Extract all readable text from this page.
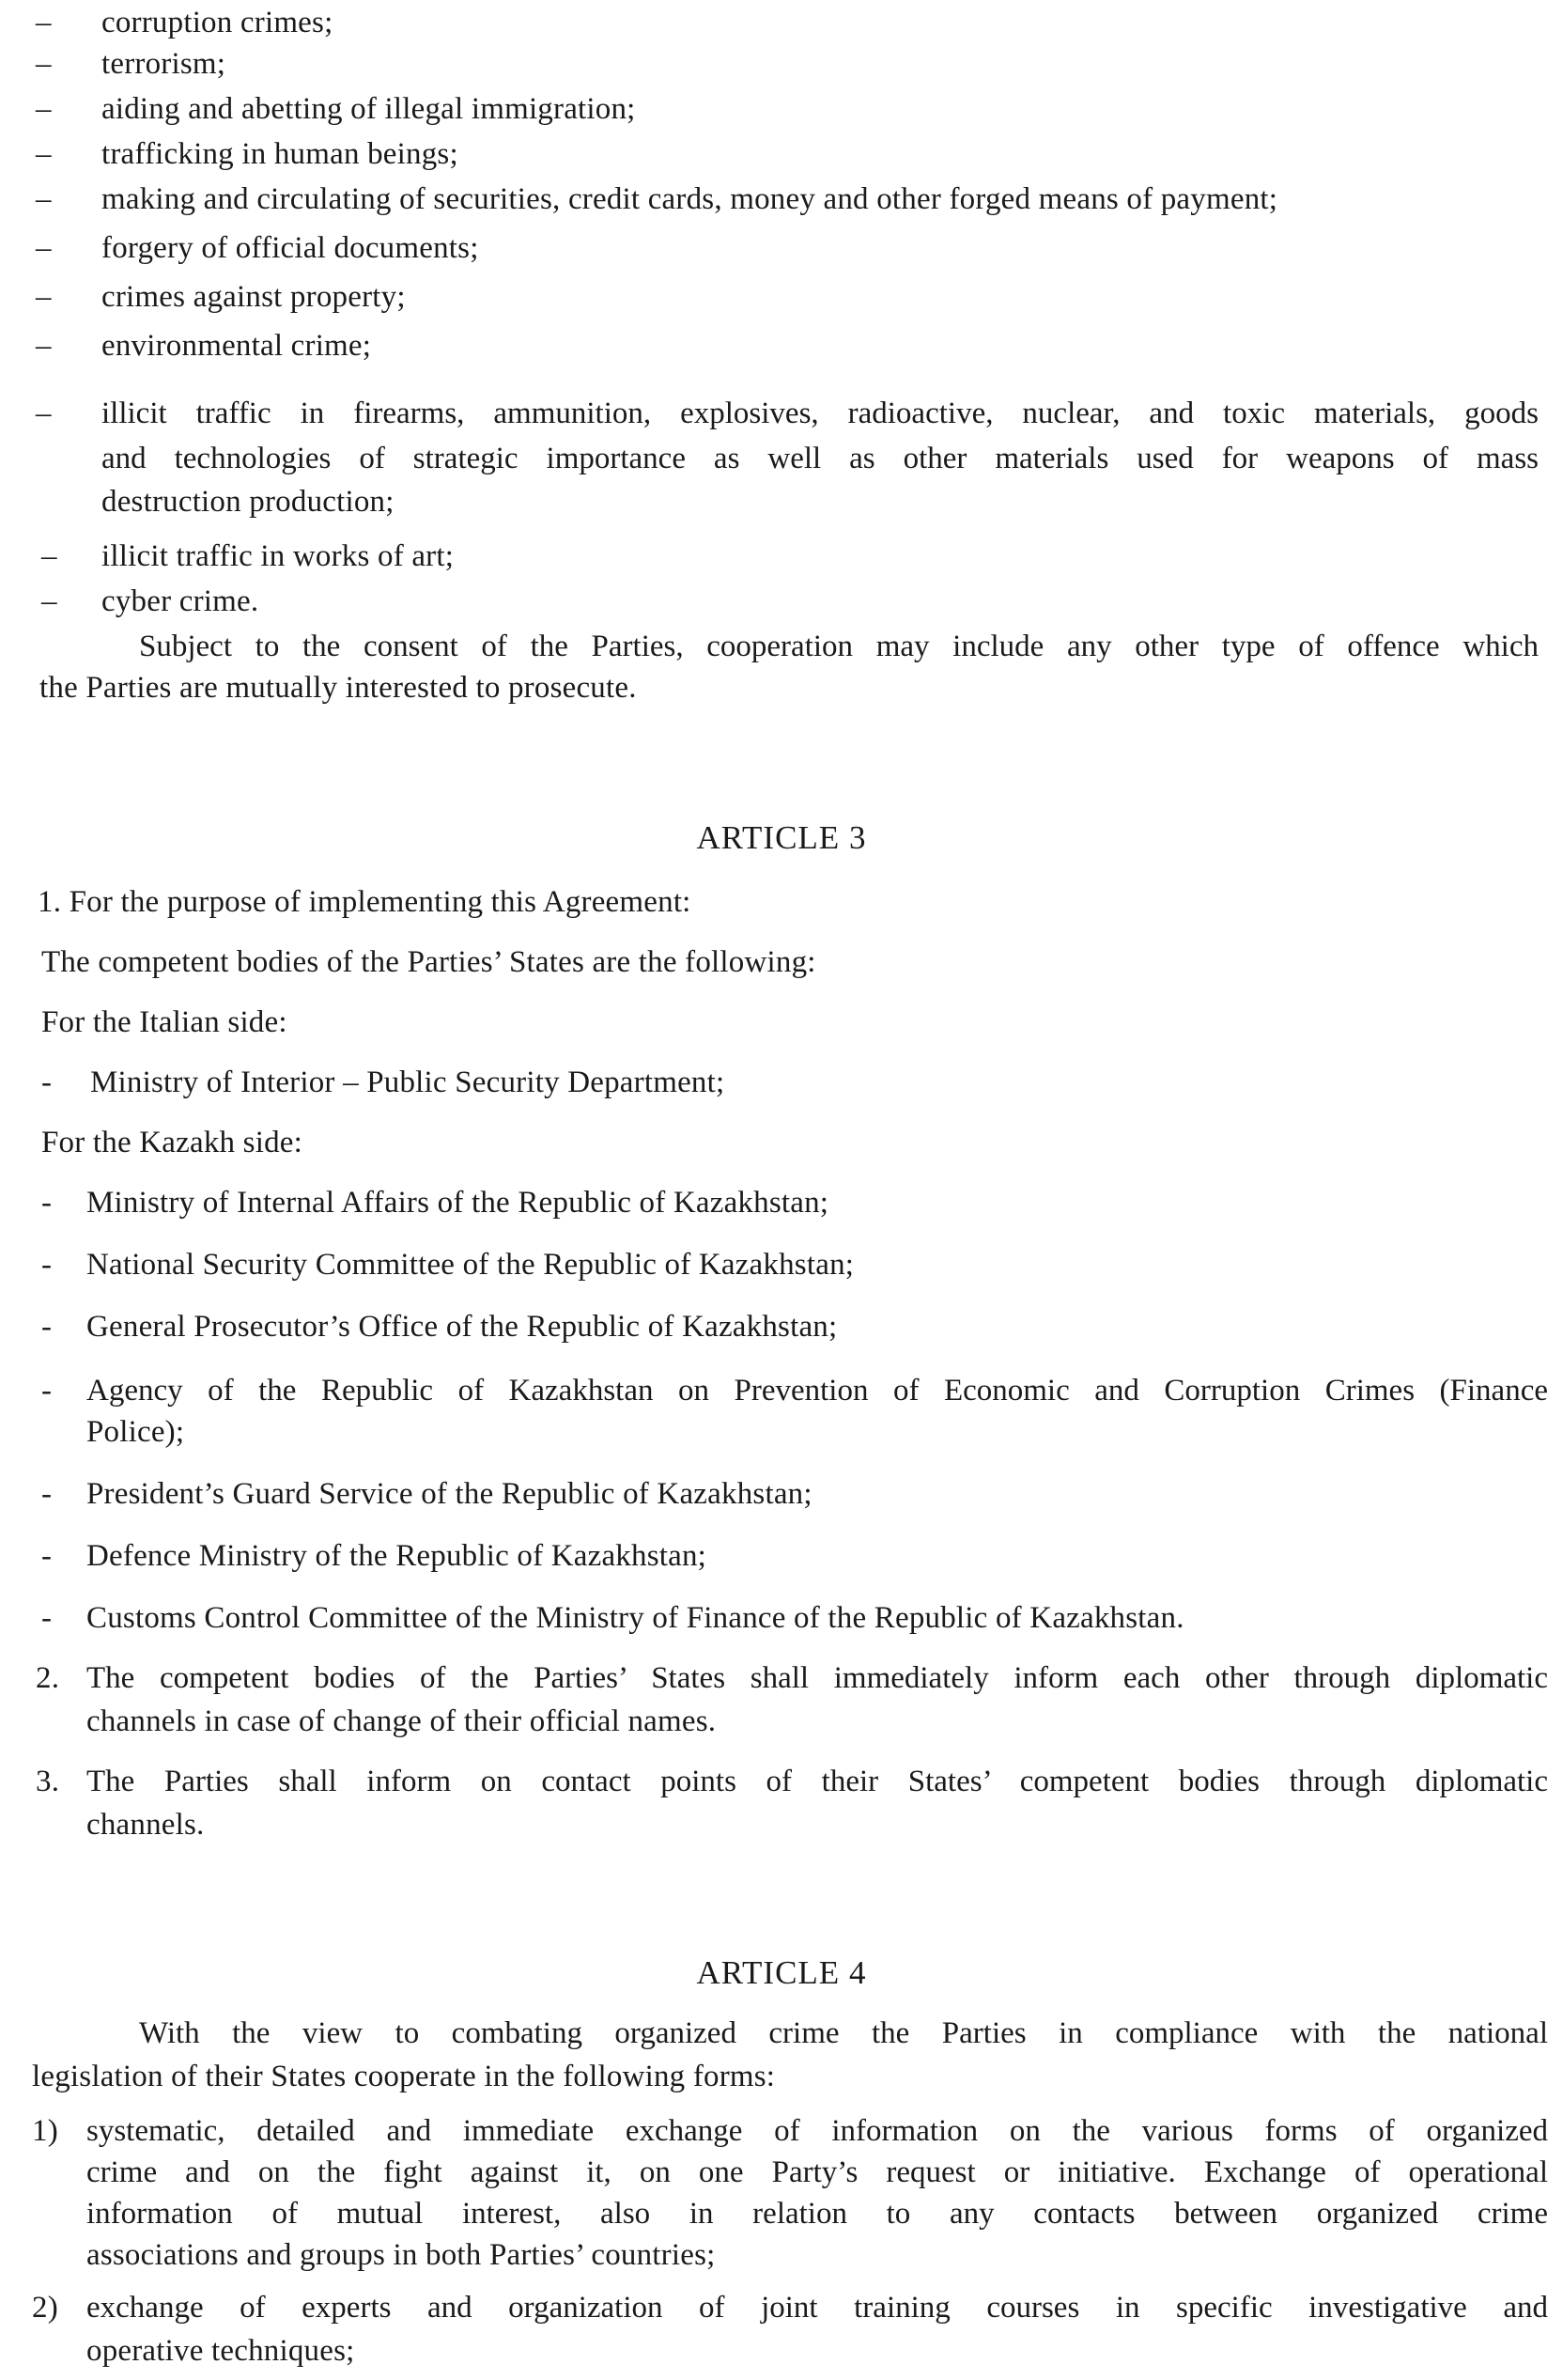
– corruption crimes;
– terrorism;
– aiding and abetting of illegal immigration;
– trafficking in human beings;
– making and circulating of securities, credit cards, money and other forged means of payment;
– forgery of official documents;
– crimes against property;
– environmental crime;
– illicit traffic in firearms, ammunition, explosives, radioactive, nuclear, and toxic materials, goods
and technologies of strategic importance as well as other materials used for weapons of mass
destruction production;
– illicit traffic in works of art;
– cyber crime.
Subject to the consent of the Parties, cooperation may include any other type of offence which
the Parties are mutually interested to prosecute.
ARTICLE 3
1. For the purpose of implementing this Agreement:
The competent bodies of the Parties’ States are the following:
For the Italian side:
- Ministry of Interior – Public Security Department;
For the Kazakh side:
- Ministry of Internal Affairs of the Republic of Kazakhstan;
- National Security Committee of the Republic of Kazakhstan;
- General Prosecutor’s Office of the Republic of Kazakhstan;
- Agency of the Republic of Kazakhstan on Prevention of Economic and Corruption Crimes (Finance
Police);
- President’s Guard Service of the Republic of Kazakhstan;
- Defence Ministry of the Republic of Kazakhstan;
- Customs Control Committee of the Ministry of Finance of the Republic of Kazakhstan.
2. The competent bodies of the Parties’ States shall immediately inform each other through diplomatic
channels in case of change of their official names.
3. The Parties shall inform on contact points of their States’ competent bodies through diplomatic
channels.
ARTICLE 4
With the view to combating organized crime the Parties in compliance with the national
legislation of their States cooperate in the following forms:
1) systematic, detailed and immediate exchange of information on the various forms of organized
crime and on the fight against it, on one Party’s request or initiative. Exchange of operational
information of mutual interest, also in relation to any contacts between organized crime
associations and groups in both Parties’ countries;
2) exchange of experts and organization of joint training courses in specific investigative and
operative techniques;
